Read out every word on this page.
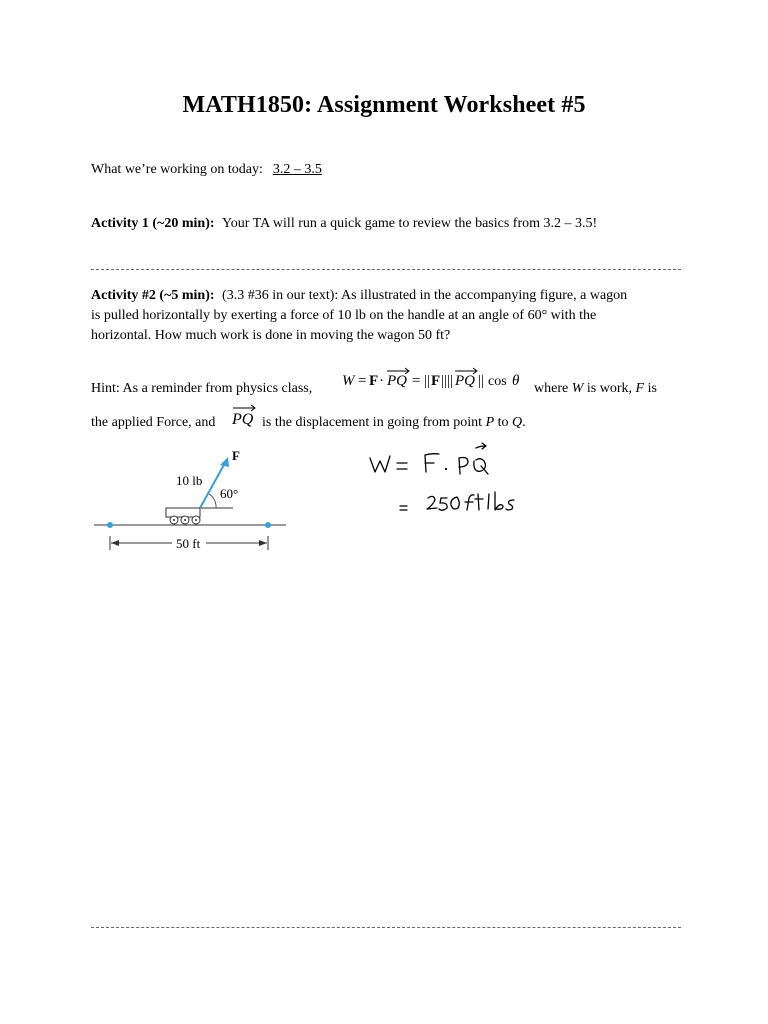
MATH1850: Assignment Worksheet #5
What we’re working on today: 3.2 – 3.5
Activity 1 (~20 min): Your TA will run a quick game to review the basics from 3.2 – 3.5!
Activity #2 (~5 min): (3.3 #36 in our text): As illustrated in the accompanying figure, a wagon
is pulled horizontally by exerting a force of 10 lb on the handle at an angle of 60° with the
horizontal. How much work is done in moving the wagon 50 ft?
Hint: As a reminder from physics class, W = F · PQ = || F |||| PQ || cos θ where W is work, F is
the applied Force, and PQ is the displacement in going from point P to Q.
F
10 lb
60°
50 ft
